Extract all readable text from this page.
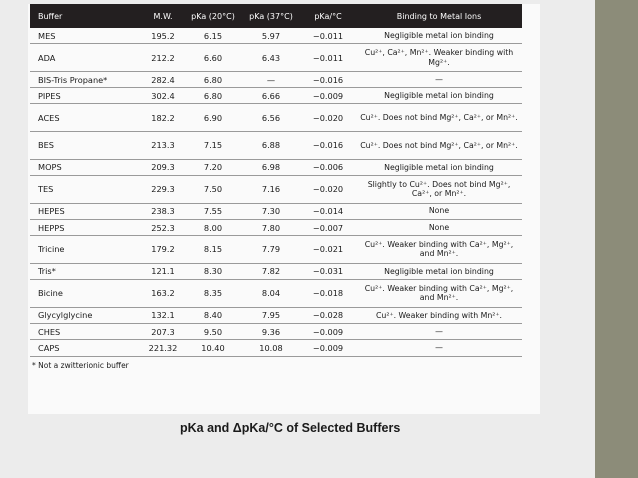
Buffer	M.W.	pKa (20°C)	pKa (37°C)	pKa/°C	Binding to Metal Ions
MES	195.2	6.15	5.97	−0.011	Negligible metal ion binding
ADA	212.2	6.60	6.43	−0.011	Cu²⁺, Ca²⁺, Mn²⁺. Weaker binding with Mg²⁺.
BIS-Tris Propane*	282.4	6.80	—	−0.016	—
PIPES	302.4	6.80	6.66	−0.009	Negligible metal ion binding
ACES	182.2	6.90	6.56	−0.020	Cu²⁺. Does not bind Mg²⁺, Ca²⁺, or Mn²⁺.
BES	213.3	7.15	6.88	−0.016	Cu²⁺. Does not bind Mg²⁺, Ca²⁺, or Mn²⁺.
MOPS	209.3	7.20	6.98	−0.006	Negligible metal ion binding
TES	229.3	7.50	7.16	−0.020	Slightly to Cu²⁺. Does not bind Mg²⁺, Ca²⁺, or Mn²⁺.
HEPES	238.3	7.55	7.30	−0.014	None
HEPPS	252.3	8.00	7.80	−0.007	None
Tricine	179.2	8.15	7.79	−0.021	Cu²⁺. Weaker binding with Ca²⁺, Mg²⁺, and Mn²⁺.
Tris*	121.1	8.30	7.82	−0.031	Negligible metal ion binding
Bicine	163.2	8.35	8.04	−0.018	Cu²⁺. Weaker binding with Ca²⁺, Mg²⁺, and Mn²⁺.
Glycylglycine	132.1	8.40	7.95	−0.028	Cu²⁺. Weaker binding with Mn²⁺.
CHES	207.3	9.50	9.36	−0.009	—
CAPS	221.32	10.40	10.08	−0.009	—
* Not a zwitterionic buffer
pKa and ΔpKa/°C of Selected Buffers
